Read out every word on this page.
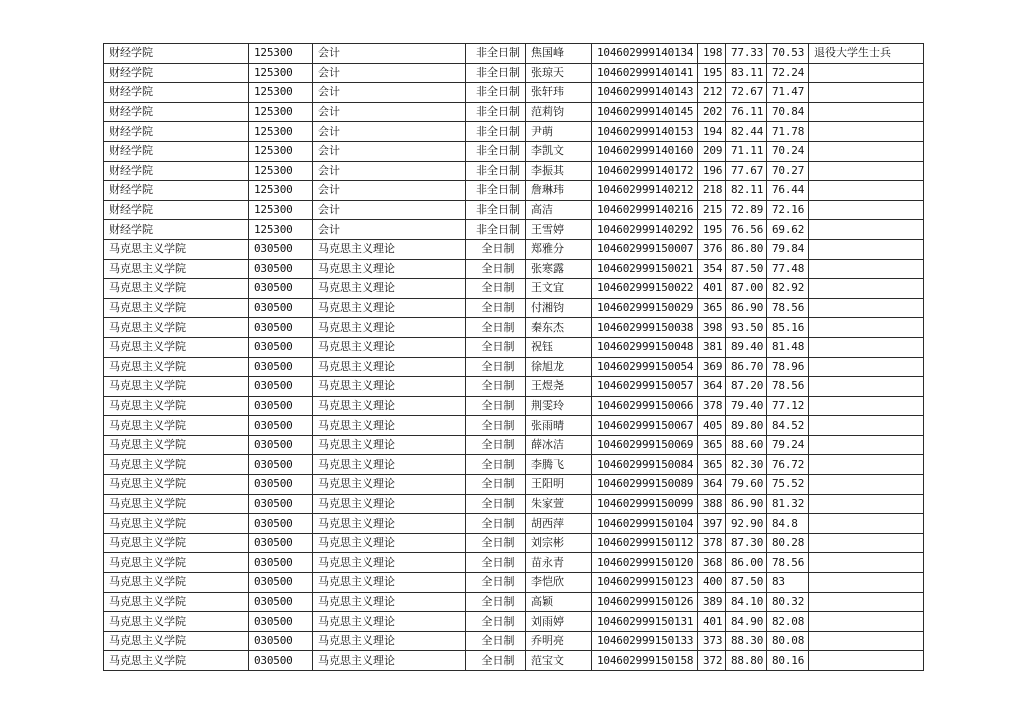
财经学院	125300	会计	非全日制	焦国峰	104602999140134	198	77.33	70.53	退役大学生士兵
财经学院	125300	会计	非全日制	张琼天	104602999140141	195	83.11	72.24	
财经学院	125300	会计	非全日制	张轩玮	104602999140143	212	72.67	71.47	
财经学院	125300	会计	非全日制	范莉钧	104602999140145	202	76.11	70.84	
财经学院	125300	会计	非全日制	尹萌	104602999140153	194	82.44	71.78	
财经学院	125300	会计	非全日制	李凯文	104602999140160	209	71.11	70.24	
财经学院	125300	会计	非全日制	李振其	104602999140172	196	77.67	70.27	
财经学院	125300	会计	非全日制	詹琳玮	104602999140212	218	82.11	76.44	
财经学院	125300	会计	非全日制	高洁	104602999140216	215	72.89	72.16	
财经学院	125300	会计	非全日制	王雪婷	104602999140292	195	76.56	69.62	
马克思主义学院	030500	马克思主义理论	全日制	郑雅分	104602999150007	376	86.80	79.84	
马克思主义学院	030500	马克思主义理论	全日制	张寒露	104602999150021	354	87.50	77.48	
马克思主义学院	030500	马克思主义理论	全日制	王文宜	104602999150022	401	87.00	82.92	
马克思主义学院	030500	马克思主义理论	全日制	付湘钧	104602999150029	365	86.90	78.56	
马克思主义学院	030500	马克思主义理论	全日制	秦东杰	104602999150038	398	93.50	85.16	
马克思主义学院	030500	马克思主义理论	全日制	祝钰	104602999150048	381	89.40	81.48	
马克思主义学院	030500	马克思主义理论	全日制	徐旭龙	104602999150054	369	86.70	78.96	
马克思主义学院	030500	马克思主义理论	全日制	王煜尧	104602999150057	364	87.20	78.56	
马克思主义学院	030500	马克思主义理论	全日制	荆雯玲	104602999150066	378	79.40	77.12	
马克思主义学院	030500	马克思主义理论	全日制	张雨晴	104602999150067	405	89.80	84.52	
马克思主义学院	030500	马克思主义理论	全日制	薛冰洁	104602999150069	365	88.60	79.24	
马克思主义学院	030500	马克思主义理论	全日制	李腾飞	104602999150084	365	82.30	76.72	
马克思主义学院	030500	马克思主义理论	全日制	王阳明	104602999150089	364	79.60	75.52	
马克思主义学院	030500	马克思主义理论	全日制	朱家萱	104602999150099	388	86.90	81.32	
马克思主义学院	030500	马克思主义理论	全日制	胡西萍	104602999150104	397	92.90	84.8	
马克思主义学院	030500	马克思主义理论	全日制	刘宗彬	104602999150112	378	87.30	80.28	
马克思主义学院	030500	马克思主义理论	全日制	苗永青	104602999150120	368	86.00	78.56	
马克思主义学院	030500	马克思主义理论	全日制	李恺欣	104602999150123	400	87.50	83	
马克思主义学院	030500	马克思主义理论	全日制	高颖	104602999150126	389	84.10	80.32	
马克思主义学院	030500	马克思主义理论	全日制	刘雨婷	104602999150131	401	84.90	82.08	
马克思主义学院	030500	马克思主义理论	全日制	乔明亮	104602999150133	373	88.30	80.08	
马克思主义学院	030500	马克思主义理论	全日制	范宝文	104602999150158	372	88.80	80.16	
